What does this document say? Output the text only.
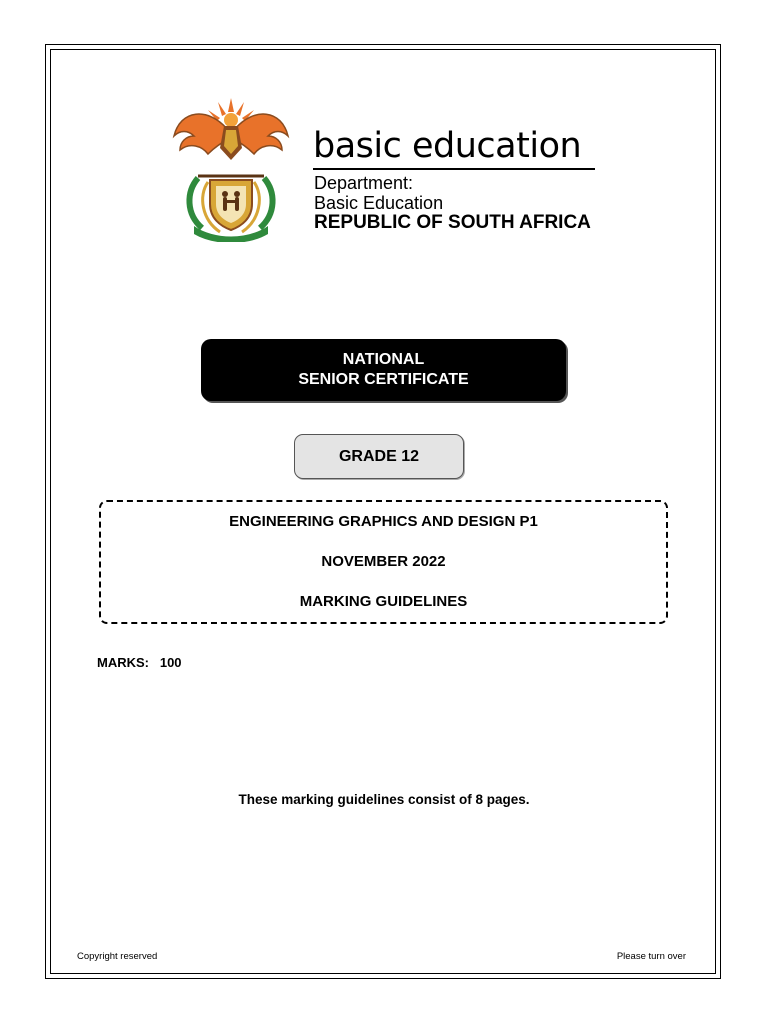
basic education
Department:
Basic Education
REPUBLIC OF SOUTH AFRICA
NATIONAL
SENIOR CERTIFICATE
GRADE 12
ENGINEERING GRAPHICS AND DESIGN P1
NOVEMBER 2022
MARKING GUIDELINES
MARKS: 100
These marking guidelines consist of 8 pages.
Copyright reserved	Please turn over
